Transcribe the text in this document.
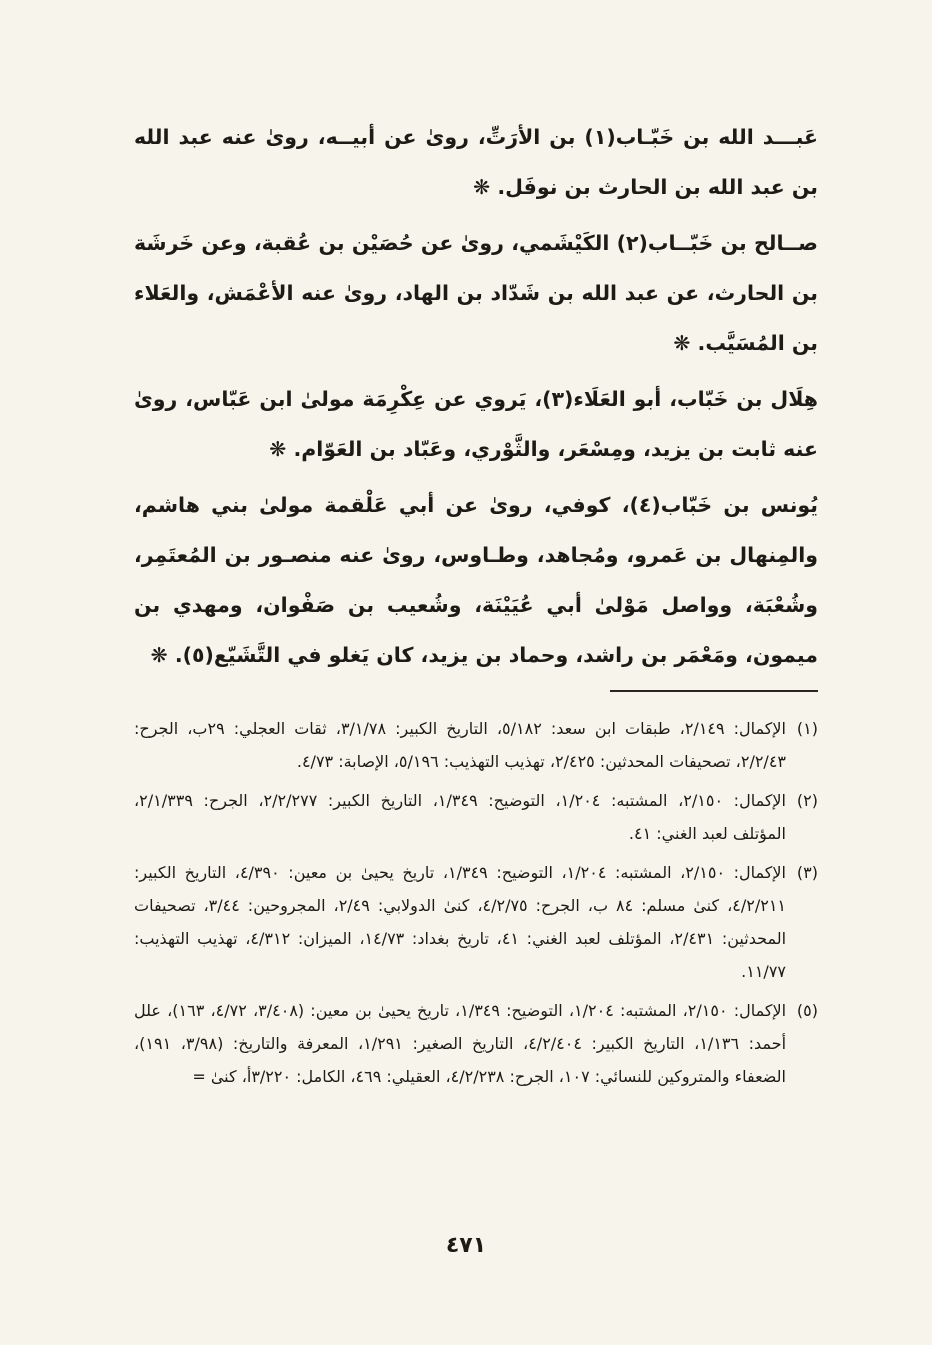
عَبـــد الله بن خَبّـاب(١) بن الأرَتِّ، روىٰ عن أبيــه، روىٰ عنه عبد الله بن عبد الله بن الحارث بن نوفَل. ❋

صــالح بن خَبّــاب(٢) الكَيْشَمي، روىٰ عن حُصَيْن بن عُقبة، وعن خَرشَة بن الحارث، عن عبد الله بن شَدّاد بن الهاد، روىٰ عنه الأعْمَش، والعَلاء بن المُسَيَّب. ❋

هِلَال بن خَبّاب، أبو العَلَاء(٣)، يَروي عن عِكْرِمَة مولىٰ ابن عَبّاس، روىٰ عنه ثابت بن يزيد، ومِسْعَر، والثَّوْري، وعَبّاد بن العَوّام. ❋

يُونس بن خَبّاب(٤)، كوفي، روىٰ عن أبي عَلْقمة مولىٰ بني هاشم، والمِنهال بن عَمرو، ومُجاهد، وطـاوس، روىٰ عنه منصـور بن المُعتَمِر، وشُعْبَة، وواصل مَوْلىٰ أبي عُيَيْنَة، وشُعيب بن صَفْوان، ومهدي بن ميمون، ومَعْمَر بن راشد، وحماد بن يزيد، كان يَغلو في التَّشَيّع(٥). ❋

(١)
الإكمال: ٢/١٤٩، طبقات ابن سعد: ٥/١٨٢، التاريخ الكبير: ٣/١/٧٨، ثقات العجلي: ٢٩ب، الجرح: ٢/٢/٤٣، تصحيفات المحدثين: ٢/٤٢٥، تهذيب التهذيب: ٥/١٩٦، الإصابة: ٤/٧٣.
(٢)
الإكمال: ٢/١٥٠، المشتبه: ١/٢٠٤، التوضيح: ١/٣٤٩، التاريخ الكبير: ٢/٢/٢٧٧، الجرح: ٢/١/٣٣٩، المؤتلف لعبد الغني: ٤١.
(٣)
الإكمال: ٢/١٥٠، المشتبه: ١/٢٠٤، التوضيح: ١/٣٤٩، تاريخ يحيىٰ بن معين: ٤/٣٩٠، التاريخ الكبير: ٤/٢/٢١١، كنىٰ مسلم: ٨٤ ب، الجرح: ٤/٢/٧٥، كنىٰ الدولابي: ٢/٤٩، المجروحين: ٣/٤٤، تصحيفات المحدثين: ٢/٤٣١، المؤتلف لعبد الغني: ٤١، تاريخ بغداد: ١٤/٧٣، الميزان: ٤/٣١٢، تهذيب التهذيب: ١١/٧٧.
(٥)
الإكمال: ٢/١٥٠، المشتبه: ١/٢٠٤، التوضيح: ١/٣٤٩، تاريخ يحيىٰ بن معين: (٣/٤٠٨، ٤/٧٢، ١٦٣)، علل أحمد: ١/١٣٦، التاريخ الكبير: ٤/٢/٤٠٤، التاريخ الصغير: ١/٢٩١، المعرفة والتاريخ: (٣/٩٨، ١٩١)، الضعفاء والمتروكين للنسائي: ١٠٧، الجرح: ٤/٢/٢٣٨، العقيلي: ٤٦٩، الكامل: ٣/٢٢٠أ، كنىٰ =
٤٧١
